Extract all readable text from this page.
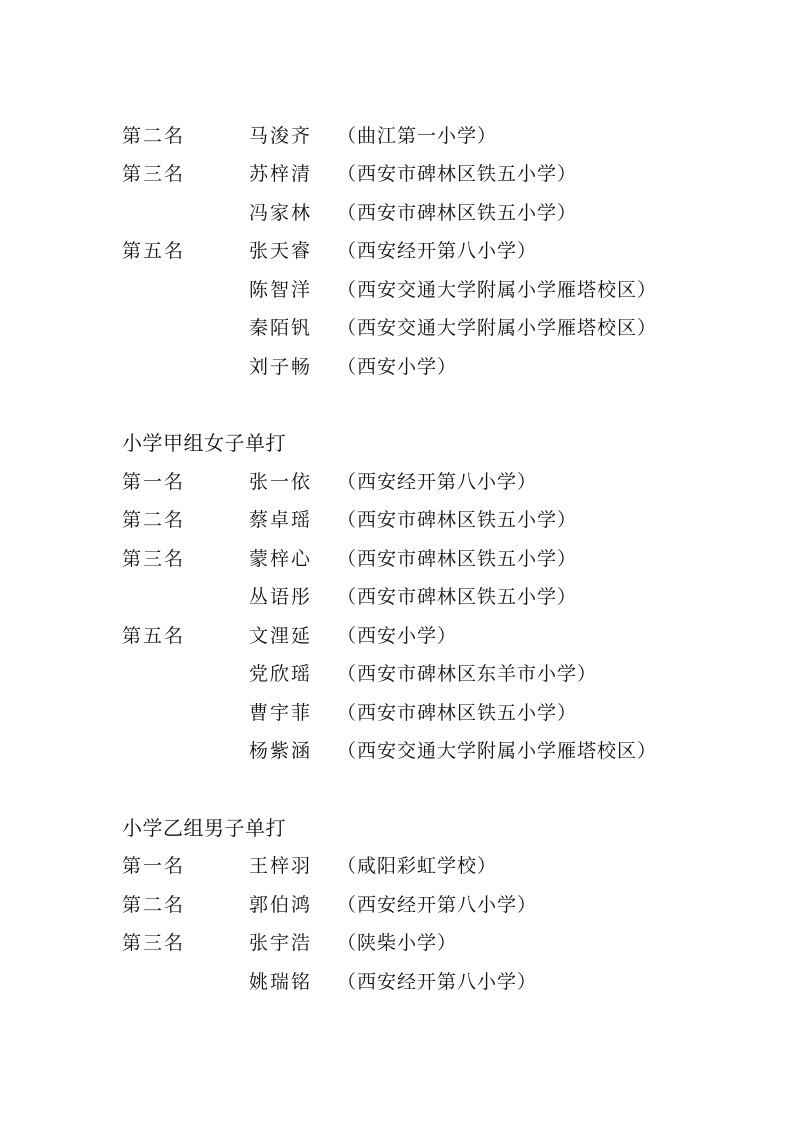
第二名	马浚齐 （曲江第一小学）
第三名	苏梓清 （西安市碑林区铁五小学）
冯家林 （西安市碑林区铁五小学）
第五名	张天睿 （西安经开第八小学）
陈智洋 （西安交通大学附属小学雁塔校区）
秦陌钒 （西安交通大学附属小学雁塔校区）
刘子畅 （西安小学）
小学甲组女子单打
第一名	张一依 （西安经开第八小学）
第二名	蔡卓瑶 （西安市碑林区铁五小学）
第三名	蒙梓心 （西安市碑林区铁五小学）
丛语彤 （西安市碑林区铁五小学）
第五名	文浬延 （西安小学）
党欣瑶 （西安市碑林区东羊市小学）
曹宇菲 （西安市碑林区铁五小学）
杨紫涵 （西安交通大学附属小学雁塔校区）
小学乙组男子单打
第一名	王梓羽 （咸阳彩虹学校）
第二名	郭伯鸿 （西安经开第八小学）
第三名	张宇浩 （陕柴小学）
姚瑞铭 （西安经开第八小学）
